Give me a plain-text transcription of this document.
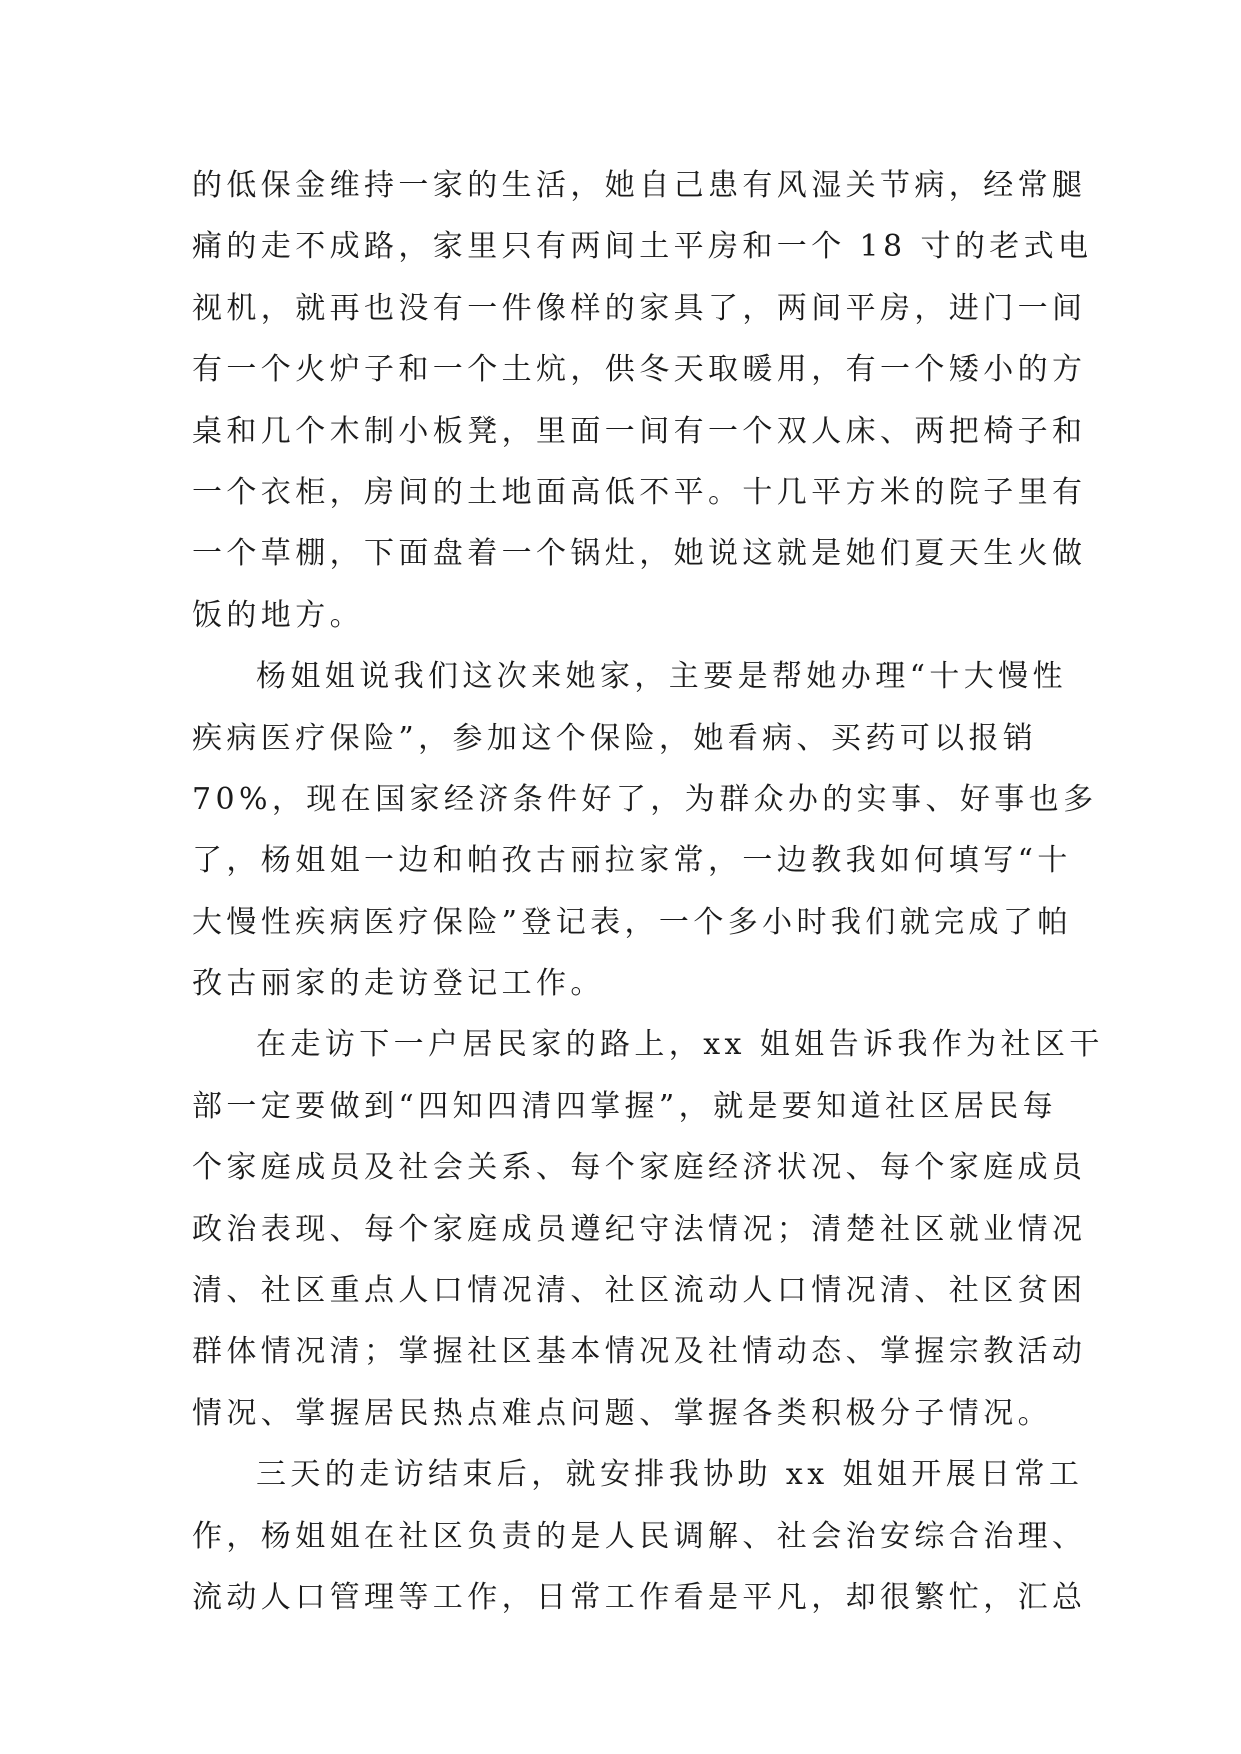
的低保金维持一家的生活，她自己患有风湿关节病，经常腿
痛的走不成路，家里只有两间土平房和一个 18 寸的老式电
视机，就再也没有一件像样的家具了，两间平房，进门一间
有一个火炉子和一个土炕，供冬天取暖用，有一个矮小的方
桌和几个木制小板凳，里面一间有一个双人床、两把椅子和
一个衣柜，房间的土地面高低不平。十几平方米的院子里有
一个草棚，下面盘着一个锅灶，她说这就是她们夏天生火做
饭的地方。
杨姐姐说我们这次来她家，主要是帮她办理“十大慢性
疾病医疗保险”，参加这个保险，她看病、买药可以报销
70%，现在国家经济条件好了，为群众办的实事、好事也多
了，杨姐姐一边和帕孜古丽拉家常，一边教我如何填写“十
大慢性疾病医疗保险”登记表，一个多小时我们就完成了帕
孜古丽家的走访登记工作。
在走访下一户居民家的路上，xx 姐姐告诉我作为社区干
部一定要做到“四知四清四掌握”，就是要知道社区居民每
个家庭成员及社会关系、每个家庭经济状况、每个家庭成员
政治表现、每个家庭成员遵纪守法情况；清楚社区就业情况
清、社区重点人口情况清、社区流动人口情况清、社区贫困
群体情况清；掌握社区基本情况及社情动态、掌握宗教活动
情况、掌握居民热点难点问题、掌握各类积极分子情况。
三天的走访结束后，就安排我协助 xx 姐姐开展日常工
作，杨姐姐在社区负责的是人民调解、社会治安综合治理、
流动人口管理等工作，日常工作看是平凡，却很繁忙，汇总
